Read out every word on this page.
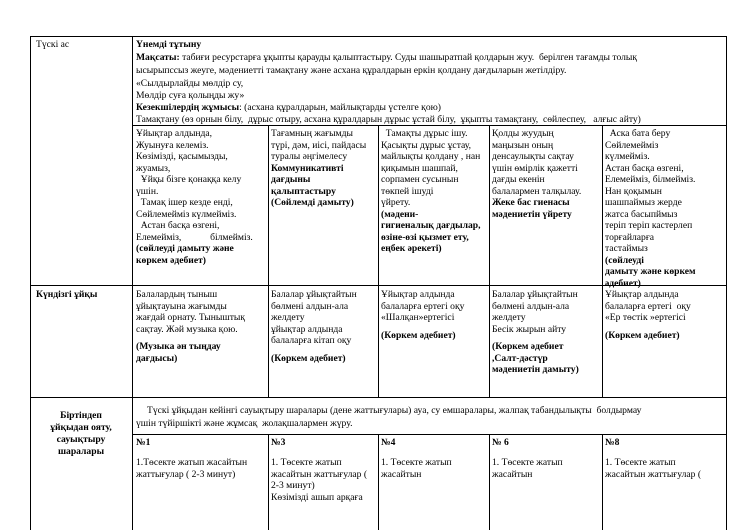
Түскі ас	Үнемді тұтыну
Мақсаты: табиғи ресурстарға ұқыпты қарауды қалыптастыру. Суды шашыратпай қолдарын жуу.  берілген тағамды толық
ысырыпссыз жеуге, мәдениетті тамақтану және асхана құралдарын еркін қолдану дағдыларын жетілдіру.
«Сылдырлайды мөлдір су,
Мөлдір суға қолыңды жу»
Кезекшілердің жұмысы: (асхана құралдарын, майлықтарды үстелге қою)
Тамақтану (өз орнын білу,  дұрыс отыру, асхана құралдарын дұрыс ұстай білу,  ұқыпты тамақтану,  сөйлеспеу,   алғыс айту)
Күндізгі ұйқы
Біртіндеп
ұйқыдан ояту,
сауықтыру
шаралары
Түскі ұйқыдан кейінгі сауықтыру шаралары (дене жаттығулары) ауа, су емшаралары, жалпақ табандылықты  болдырмау
үшін түйіршікті және жұмсақ  жолақшалармен жүру.
Ұйықтар алдында,
Жуынуға келеміз.
Көзімізді, қасымызды,
жуамыз,
Ұйқы бізге қонаққа келу
үшін.
Тамақ ішер кезде енді,
Сөйлемейміз күлмейміз.
Астан басқа өзгені,
Елемейміз,            білмейміз.
(сөйлеуді дамыту және
көркем әдебиет)
Тағамның жағымды
түрі, дәм, иісі, пайдасы
туралы әңгімелесу
Коммуникативті
дағдыны
қалыптастыру
(Сөйлемді дамыту)
Тамақты дұрыс ішу.
Қасықты дұрыс ұстау,
майлықты қолдану , нан
қиқымын шашпай,
сорпамен сусынын
төкпей ішуді
үйрету.
(мәдени-
гигиеналық дағдылар,
өзіне-өзі қызмет ету,
еңбек әрекеті)
Қолды жуудың
маңызын оның
денсаулықты сақтау
үшін өмірлік қажетті
дағды екенін
балалармен талқылау.
Жеке бас гиенасы
мәдениетін үйрету
Аска бата беру
Сөйлемейміз
күлмейміз.
Астан басқа өзгені,
Елемейміз, білмейміз.
Нан қоқымын
шашпаймыз жерде
жатса басыпймыз
теріп теріп кастерлеп
торғайларға
тастаймыз
(сөйлеуді
дамыту және көркем
әдебиет)
Балалардың тыныш
ұйықтауына жағымды
жағдай орнату. Тыныштық
сақтау. Жәй музыка қою.
(Музыка ән тыңдау
дағдысы)
Балалар ұйықтайтын
бөлмені алдын-ала
желдету
ұйықтар алдында
балаларға кітап оқу
(Көркем әдебиет)
Ұйықтар алдында
балаларға ертегі оқу
«Шалқан»ертегісі
(Көркем әдебиет)
Балалар ұйықтайтын
бөлмені алдын-ала
желдету
Бесік жырын айту
(Көркем әдебиет
,Салт-дәстүр
мәдениетін дамыту)
Ұйықтар алдында
балаларға ертегі  оқу
«Ер төстік »ертегісі
(Көркем әдебиет)
№1
1.Төсекте жатып жасайтын
жаттығулар ( 2-3 минут)
№3
1. Төсекте жатып
жасайтын жаттығулар (
2-3 минут)
Көзімізді ашып арқаға
№4
1. Төсекте жатып
жасайтын
№ 6
1. Төсекте жатып
жасайтын
№8
1. Төсекте жатып
жасайтын жаттығулар (
